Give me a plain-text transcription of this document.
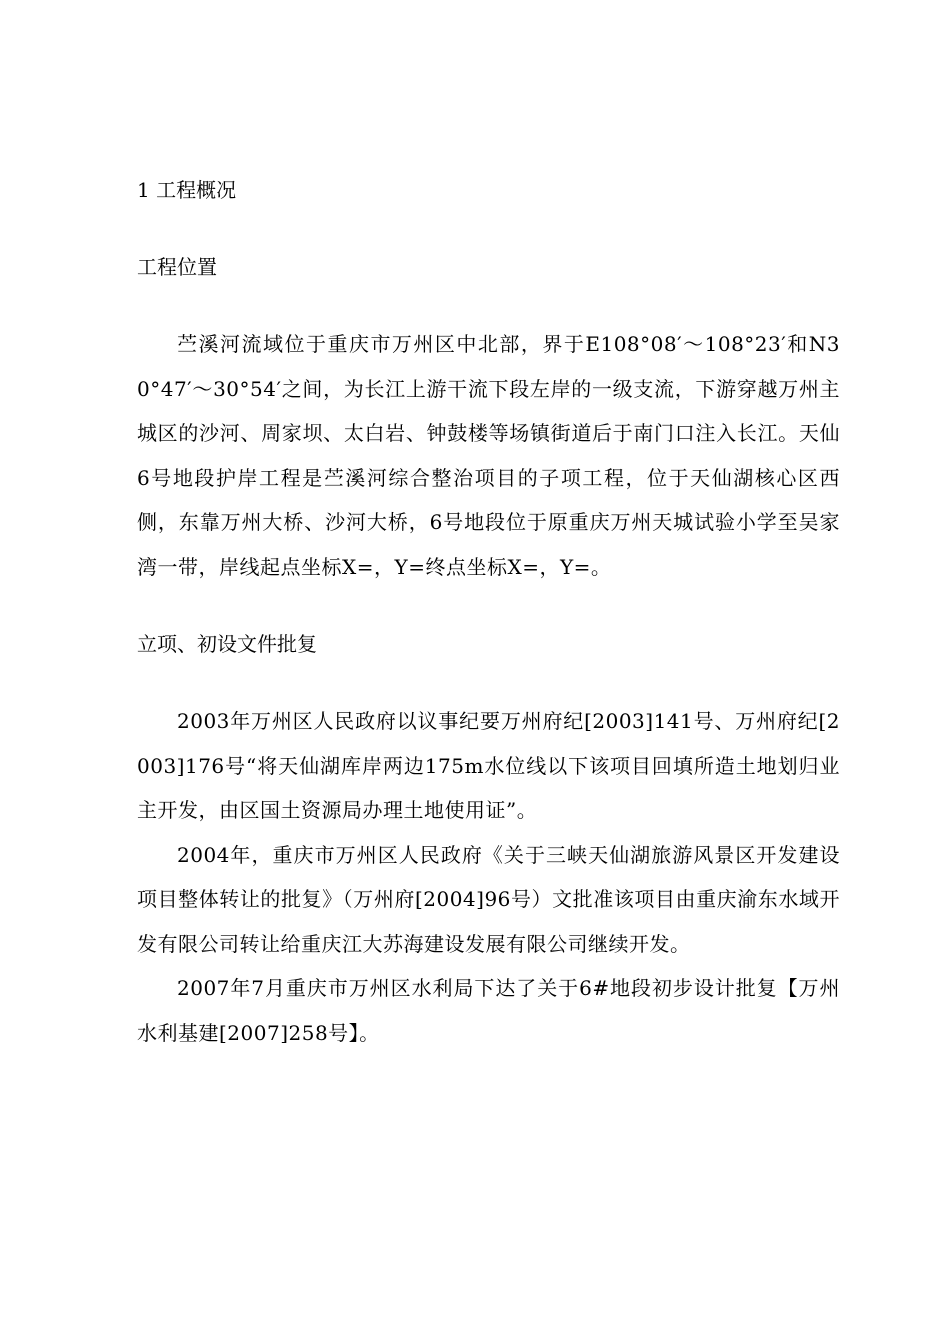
1 工程概况
工程位置

苎溪河流域位于重庆市万州区中北部，界于E108°08′～108°23′和N30°47′～30°54′之间，为长江上游干流下段左岸的一级支流，下游穿越万州主城区的沙河、周家坝、太白岩、钟鼓楼等场镇街道后于南门口注入长江。天仙6号地段护岸工程是苎溪河综合整治项目的子项工程，位于天仙湖核心区西侧，东靠万州大桥、沙河大桥，6号地段位于原重庆万州天城试验小学至吴家湾一带，岸线起点坐标X=，Y=终点坐标X=，Y=。

立项、初设文件批复

2003年万州区人民政府以议事纪要万州府纪[2003]141号、万州府纪[2003]176号“将天仙湖库岸两边175m水位线以下该项目回填所造土地划归业主开发，由区国土资源局办理土地使用证”。

2004年，重庆市万州区人民政府《关于三峡天仙湖旅游风景区开发建设项目整体转让的批复》（万州府[2004]96号）文批准该项目由重庆渝东水域开发有限公司转让给重庆江大苏海建设发展有限公司继续开发。

2007年7月重庆市万州区水利局下达了关于6#地段初步设计批复【万州水利基建[2007]258号】。
